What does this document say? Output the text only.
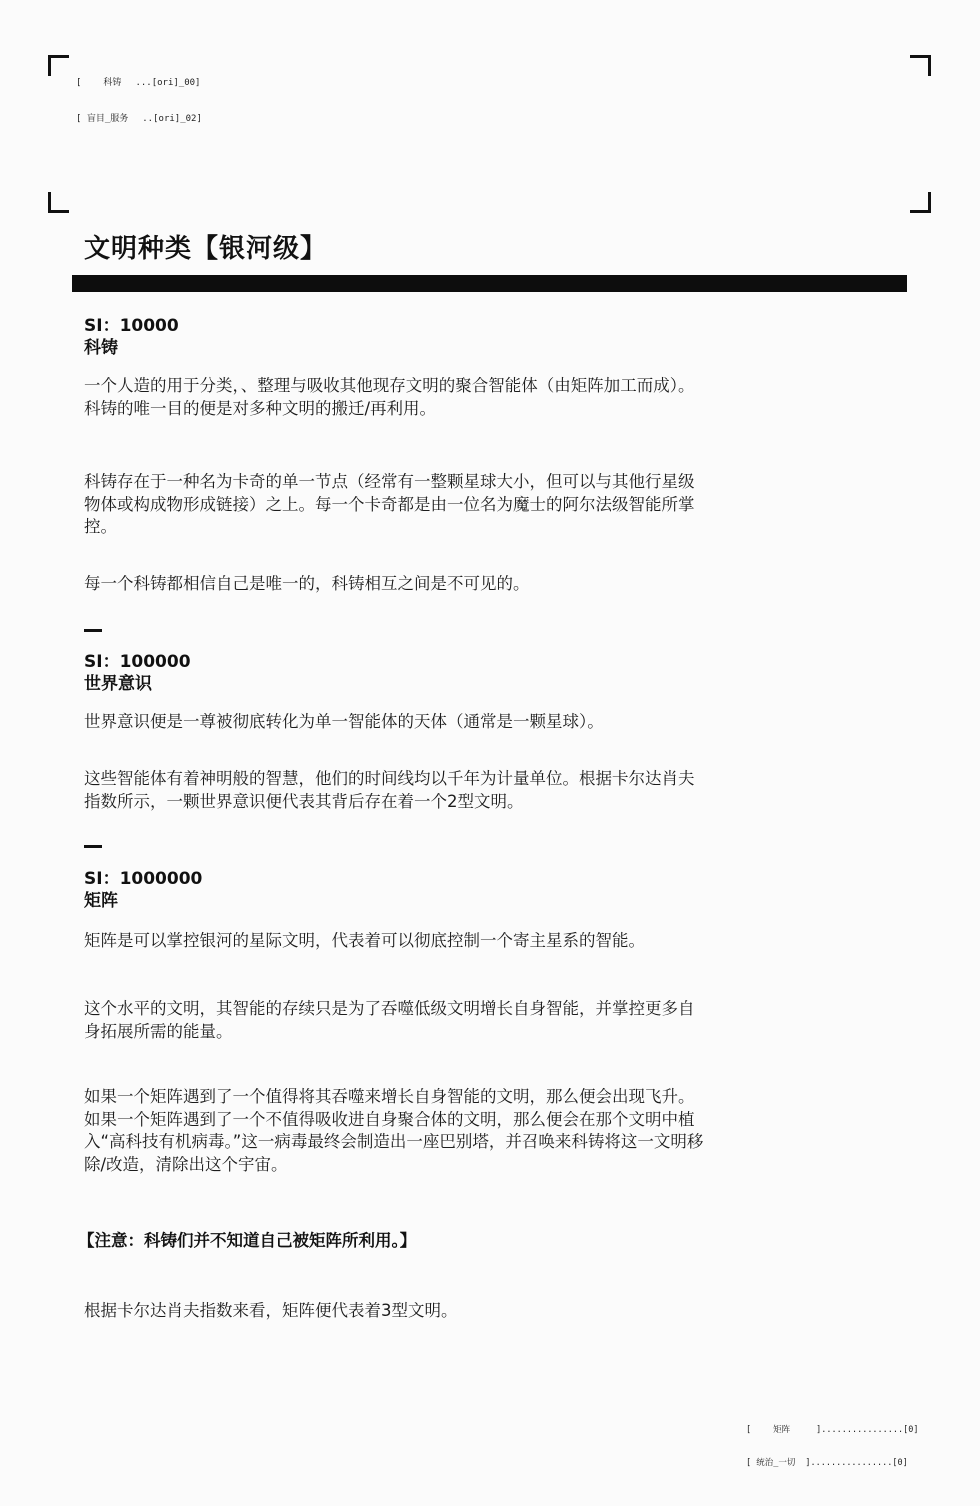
[ 科铸 ...[ori]_00]

[ 盲目_服务 ..[ori]_02]

文明种类【银河级】
SI：10000
科铸
一个人造的用于分类，、整理与吸收其他现存文明的聚合智能体（由矩阵加工而成）。科铸的唯一目的便是对多种文明的搬迁/再利用。
科铸存在于一种名为卡奇的单一节点（经常有一整颗星球大小，但可以与其他行星级物体或构成物形成链接）之上。每一个卡奇都是由一位名为魔士的阿尔法级智能所掌控。
每一个科铸都相信自己是唯一的，科铸相互之间是不可见的。
SI：100000
世界意识
世界意识便是一尊被彻底转化为单一智能体的天体（通常是一颗星球）。
这些智能体有着神明般的智慧，他们的时间线均以千年为计量单位。根据卡尔达肖夫指数所示，一颗世界意识便代表其背后存在着一个2型文明。
SI：1000000
矩阵
矩阵是可以掌控银河的星际文明，代表着可以彻底控制一个寄主星系的智能。
这个水平的文明，其智能的存续只是为了吞噬低级文明增长自身智能，并掌控更多自身拓展所需的能量。
如果一个矩阵遇到了一个值得将其吞噬来增长自身智能的文明，那么便会出现飞升。如果一个矩阵遇到了一个不值得吸收进自身聚合体的文明，那么便会在那个文明中植入“高科技有机病毒。”这一病毒最终会制造出一座巴别塔，并召唤来科铸将这一文明移除/改造，清除出这个宇宙。
【注意：科铸们并不知道自己被矩阵所利用。】
根据卡尔达肖夫指数来看，矩阵便代表着3型文明。

[	矩阵	]................[0]

[ 统治_一切 ]................[0]
